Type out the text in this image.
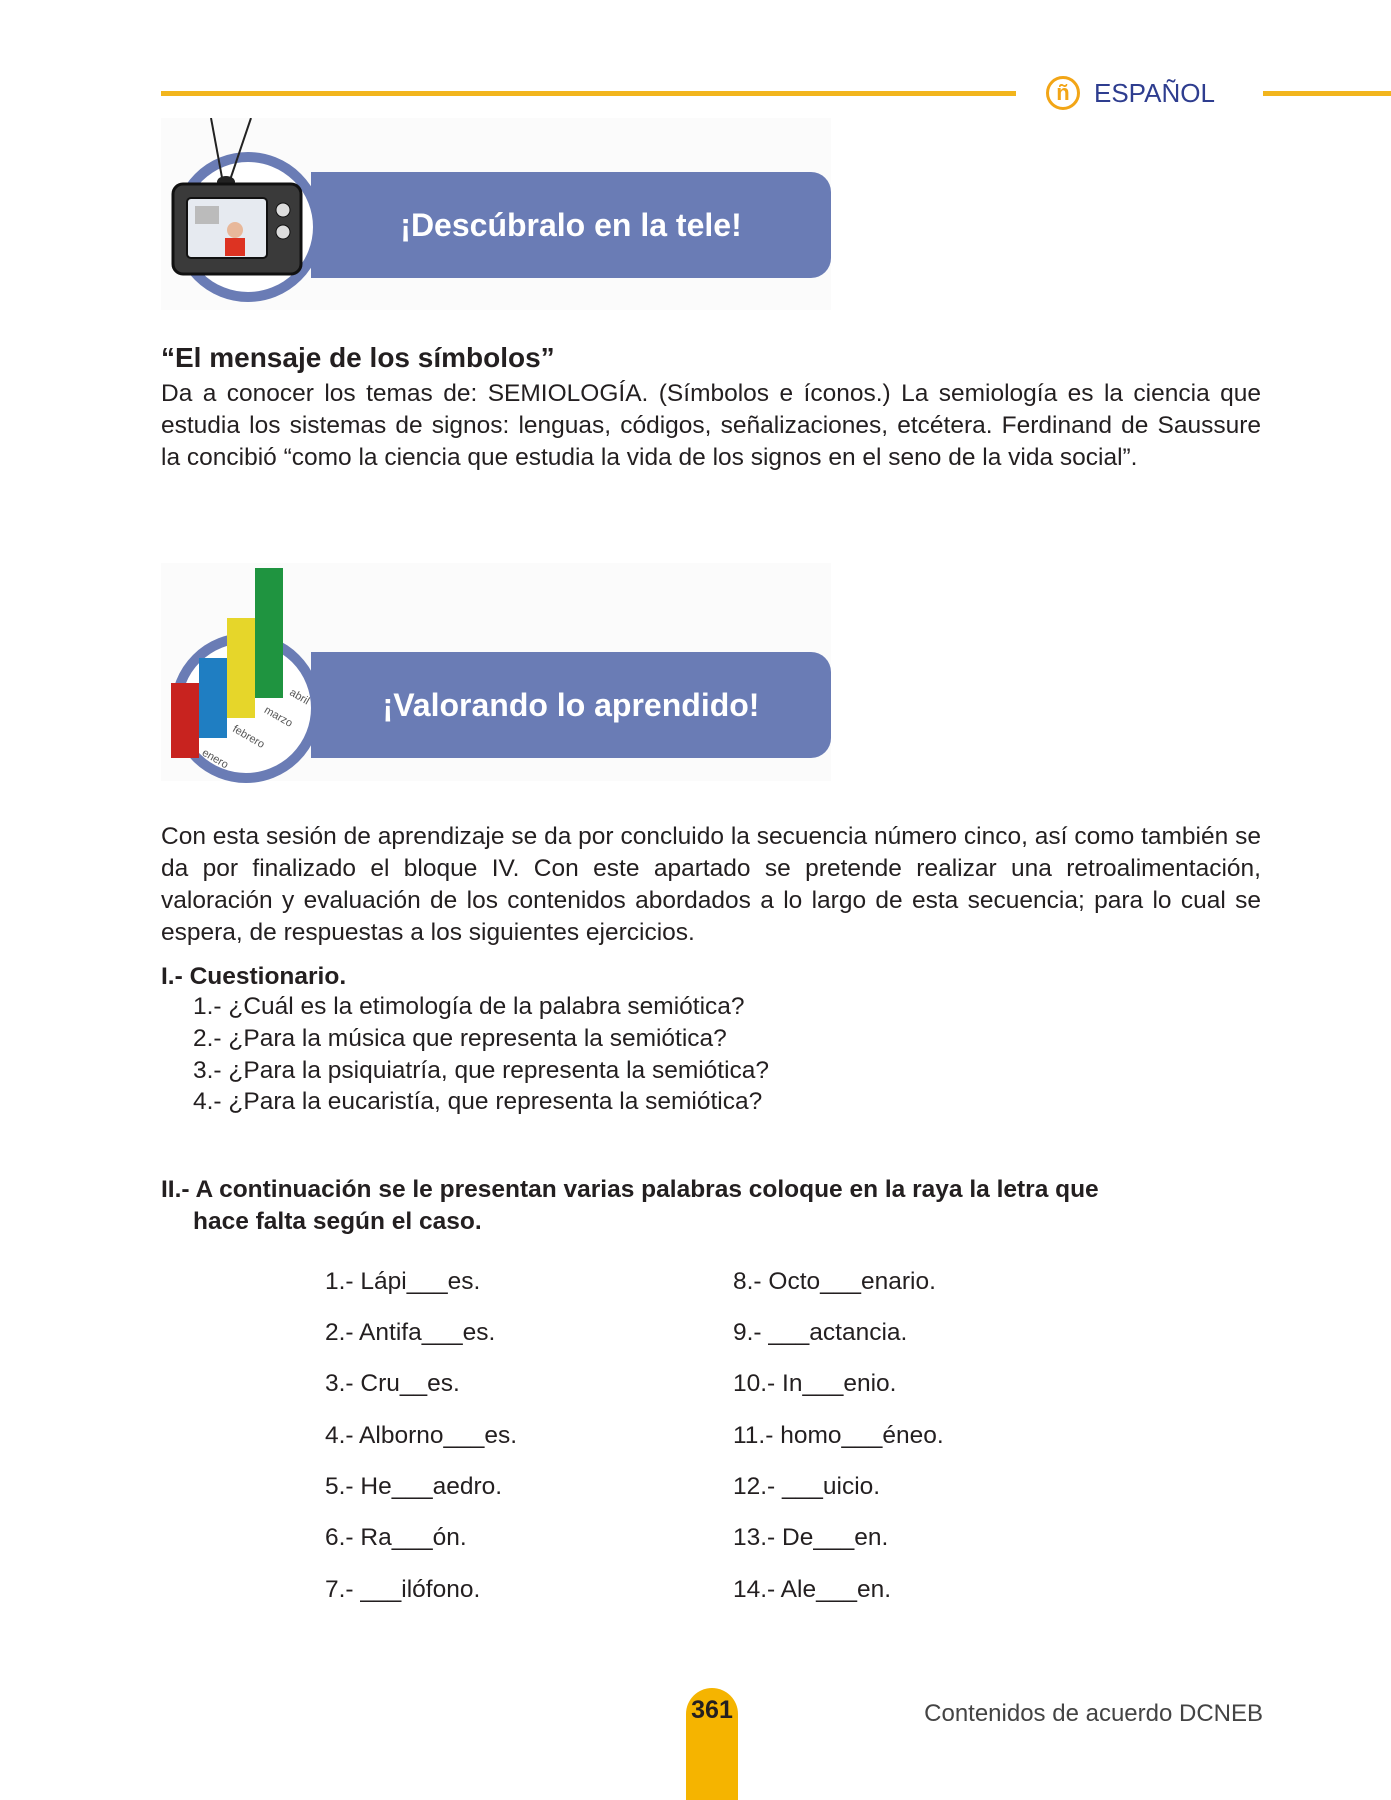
ñ ESPAÑOL
¡Descúbralo en la tele!
“El mensaje de los símbolos”
Da a conocer los temas de: SEMIOLOGÍA. (Símbolos e íconos.) La semiología es la ciencia que estudia los sistemas de signos: lenguas, códigos, señalizaciones, etcétera. Ferdinand de Saussure la concibió “como la ciencia que estudia la vida de los signos en el seno de la vida social”.
¡Valorando lo aprendido!
enero
febrero
marzo
abril
Con esta sesión de aprendizaje se da por concluido la secuencia número cinco, así como también se da por finalizado el bloque IV. Con este apartado se pretende realizar una retroalimentación, valoración y evaluación de los contenidos abordados a lo largo de esta secuencia; para lo cual se espera, de respuestas a los siguientes ejercicios.
I.- Cuestionario.
1.- ¿Cuál es la etimología de la palabra semiótica?
2.- ¿Para la música que representa la semiótica?
3.- ¿Para la psiquiatría, que representa la semiótica?
4.- ¿Para la eucaristía, que representa la semiótica?
II.- A continuación se le presentan varias palabras coloque en la raya la letra que
hace falta según el caso.
1.- Lápi___es.
2.- Antifa___es.
3.- Cru__es.
4.- Alborno___es.
5.- He___aedro.
6.- Ra___ón.
7.- ___ilófono.
8.- Octo___enario.
9.- ___actancia.
10.- In___enio.
11.- homo___éneo.
12.- ___uicio.
13.- De___en.
14.- Ale___en.
361	Contenidos de acuerdo DCNEB
